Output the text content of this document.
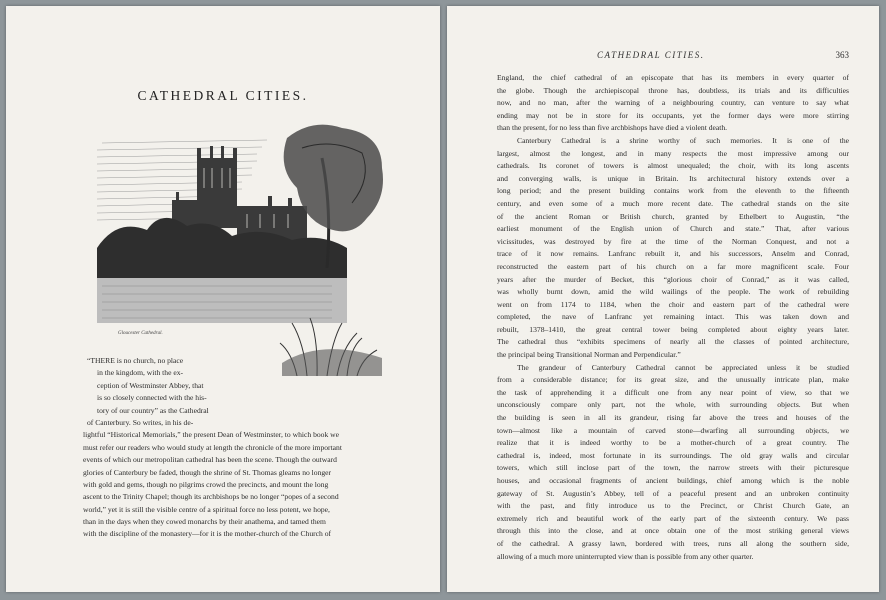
CATHEDRAL CITIES.
Gloucester Cathedral.
“THERE is no church, no place
in the kingdom, with the ex-
ception of Westminster Abbey, that
is so closely connected with the his-
tory of our country” as the Cathedral
of Canterbury. So writes, in his de-
lightful “Historical Memorials,” the present Dean of Westminster, to which book we
must refer our readers who would study at length the chronicle of the more important
events of which our metropolitan cathedral has been the scene. Though the outward
glories of Canterbury be faded, though the shrine of St. Thomas gleams no longer
with gold and gems, though no pilgrims crowd the precincts, and mount the long
ascent to the Trinity Chapel; though its archbishops be no longer “popes of a second
world,” yet it is still the visible centre of a spiritual force no less potent, we hope,
than in the days when they cowed monarchs by their anathema, and tamed them
with the discipline of the monastery—for it is the mother-church of the Church of
CATHEDRAL CITIES.	363
England, the chief cathedral of an episcopate that has its members in every quarter of
the globe. Though the archiepiscopal throne has, doubtless, its trials and its difficulties
now, and no man, after the warning of a neighbouring country, can venture to say what
ending may not be in store for its occupants, yet the former days were more stirring
than the present, for no less than five archbishops have died a violent death.
Canterbury Cathedral is a shrine worthy of such memories. It is one of the
largest, almost the longest, and in many respects the most impressive among our
cathedrals. Its coronet of towers is almost unequaled; the choir, with its long ascents
and converging walls, is unique in Britain. Its architectural history extends over a
long period; and the present building contains work from the eleventh to the fifteenth
century, and even some of a much more recent date. The cathedral stands on the site
of the ancient Roman or British church, granted by Ethelbert to Augustin, “the
earliest monument of the English union of Church and state.” That, after various
vicissitudes, was destroyed by fire at the time of the Norman Conquest, and not a
trace of it now remains. Lanfranc rebuilt it, and his successors, Anselm and Conrad,
reconstructed the eastern part of his church on a far more magnificent scale. Four
years after the murder of Becket, this “glorious choir of Conrad,” as it was called,
was wholly burnt down, amid the wild wailings of the people. The work of rebuilding
went on from 1174 to 1184, when the choir and eastern part of the cathedral were
completed, the nave of Lanfranc yet remaining intact. This was taken down and
rebuilt, 1378–1410, the great central tower being completed about eighty years later.
The cathedral thus “exhibits specimens of nearly all the classes of pointed architecture,
the principal being Transitional Norman and Perpendicular.”
The grandeur of Canterbury Cathedral cannot be appreciated unless it be studied
from a considerable distance; for its great size, and the unusually intricate plan, make
the task of apprehending it a difficult one from any near point of view, so that we
unconsciously compare only part, not the whole, with surrounding objects. But when
the building is seen in all its grandeur, rising far above the trees and houses of the
town—almost like a mountain of carved stone—dwarfing all surrounding objects, we
realize that it is indeed worthy to be a mother-church of a great country. The
cathedral is, indeed, most fortunate in its surroundings. The old gray walls and circular
towers, which still inclose part of the town, the narrow streets with their picturesque
houses, and occasional fragments of ancient buildings, chief among which is the noble
gateway of St. Augustin’s Abbey, tell of a peaceful present and an unbroken continuity
with the past, and fitly introduce us to the Precinct, or Christ Church Gate, an
extremely rich and beautiful work of the early part of the sixteenth century. We pass
through this into the close, and at once obtain one of the most striking general views
of the cathedral. A grassy lawn, bordered with trees, runs all along the southern side,
allowing of a much more uninterrupted view than is possible from any other quarter.
